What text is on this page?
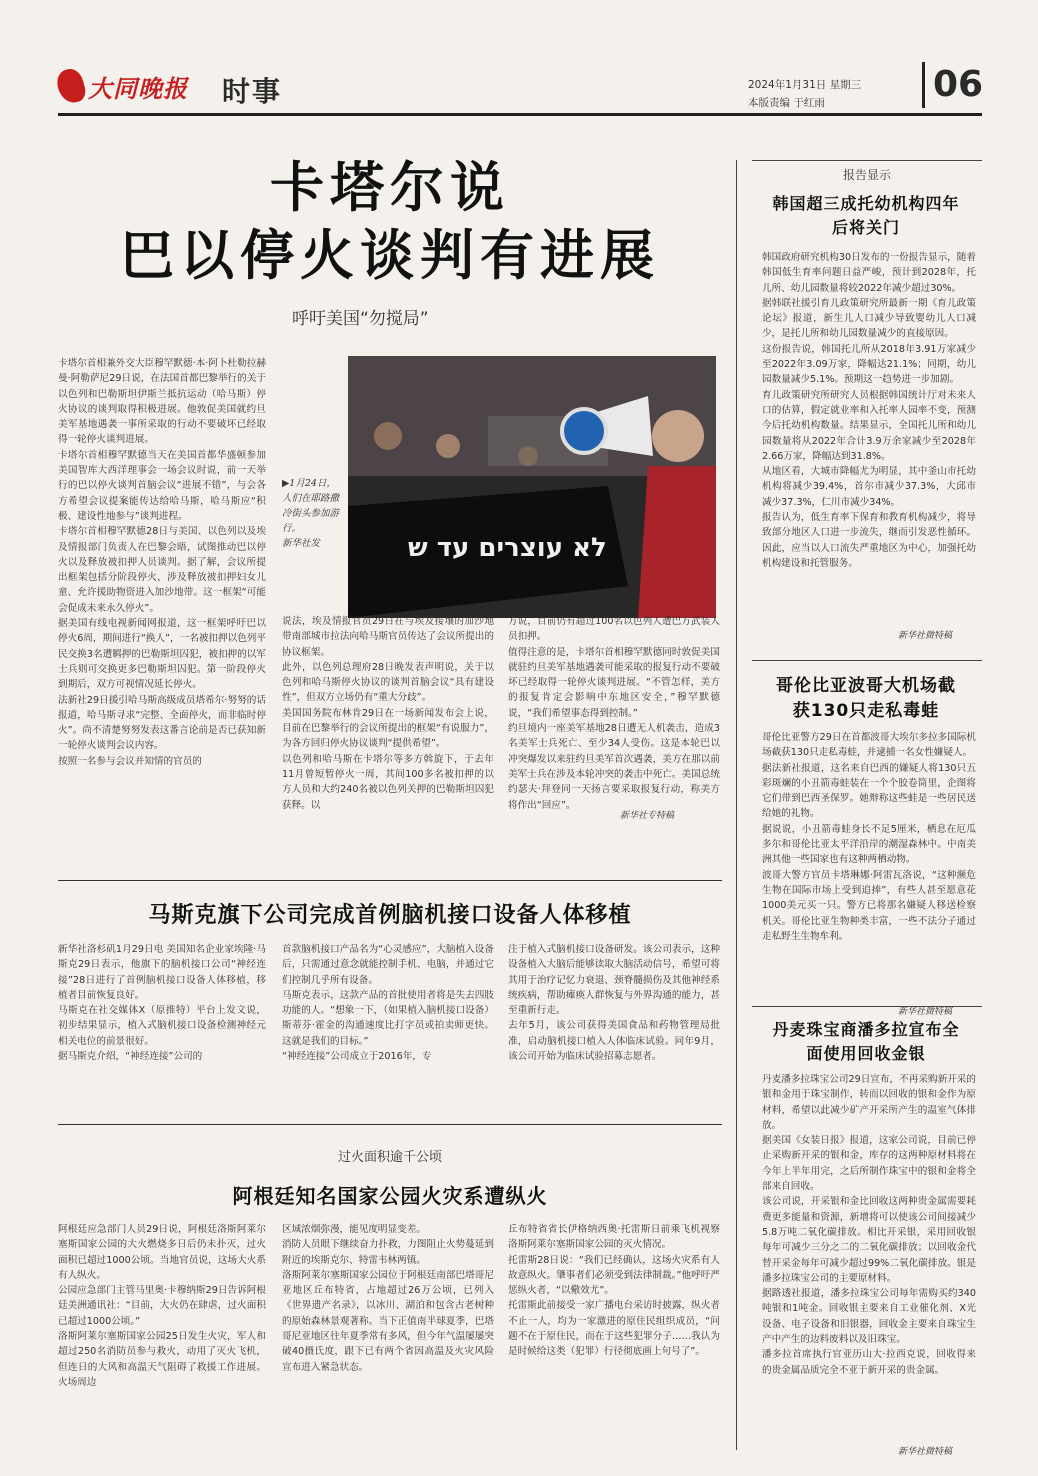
大同晚报 时事	2024年1月31日 星期三
本版责编 于红雨	06
卡塔尔说
巴以停火谈判有进展
呼吁美国“勿搅局”
卡塔尔首相兼外交大臣穆罕默德·本·阿卜杜勒拉赫曼·阿勒萨尼29日说，在法国首都巴黎举行的关于以色列和巴勒斯坦伊斯兰抵抗运动（哈马斯）停火协议的谈判取得积极进展。他敦促美国就约旦美军基地遇袭一事所采取的行动不要破坏已经取得一轮停火谈判进展。
卡塔尔首相穆罕默德当天在美国首都华盛顿参加美国智库大西洋理事会一场会议时说，前一天举行的巴以停火谈判首脑会议“进展不错”，与会各方希望会议提案能传达给哈马斯，哈马斯应“积极、建设性地参与”谈判进程。
卡塔尔首相穆罕默德28日与美国、以色列以及埃及情报部门负责人在巴黎会晤，试图推动巴以停火以及释放被扣押人员谈判。据了解，会议所提出框架包括分阶段停火，涉及释放被扣押妇女儿童、允许援助物资进入加沙地带。这一框架“可能会促成未来永久停火”。
据美国有线电视新闻网报道，这一框架呼吁巴以停火6周，期间进行“换人”，一名被扣押以色列平民交换3名遭羁押的巴勒斯坦囚犯，被扣押的以军士兵则可交换更多巴勒斯坦囚犯。第一阶段停火到期后，双方可视情况延长停火。
法新社29日援引哈马斯高级成员塔希尔·努努的话报道，哈马斯寻求“完整、全面停火，而非临时停火”。尚不清楚努努发表这番言论前是否已获知新一轮停火谈判会议内容。
按照一名参与会议并知情的官员的
▶1月24日，人们在耶路撒冷街头参加游行。
新华社发	לא עוצרים עד ש
说法，埃及情报官员29日在与埃及接壤的加沙地带南部城市拉法向哈马斯官员传达了会议所提出的协议框架。
此外，以色列总理府28日晚发表声明说，关于以色列和哈马斯停火协议的谈判首脑会议“具有建设性”，但双方立场仍有“重大分歧”。
美国国务院布林肯29日在一场新闻发布会上说，目前在巴黎举行的会议所提出的框架“有说服力”，为各方回归停火协议谈判“提供希望”。
以色列和哈马斯在卡塔尔等多方斡旋下，于去年11月曾短暂停火一周，其间100多名被扣押的以方人员和大约240名被以色列关押的巴勒斯坦囚犯获释。以
方说，目前仍有超过100名以色列人遭巴方武装人员扣押。
值得注意的是，卡塔尔首相穆罕默德同时敦促美国就驻约旦美军基地遇袭可能采取的报复行动不要破坏已经取得一轮停火谈判进展。“不管怎样，美方的报复肯定会影响中东地区安全，”穆罕默德说，“我们希望事态得到控制。”
约旦境内一座美军基地28日遭无人机袭击，造成3名美军士兵死亡、至少34人受伤。这是本轮巴以冲突爆发以来驻约旦美军首次遇袭，美方在那以前美军士兵在涉及本轮冲突的袭击中死亡。美国总统约瑟夫·拜登同一天扬言要采取报复行动，称美方将作出“回应”。
新华社专特稿
马斯克旗下公司完成首例脑机接口设备人体移植
新华社洛杉矶1月29日电 美国知名企业家埃隆·马斯克29日表示，他旗下的脑机接口公司“神经连接”28日进行了首例脑机接口设备人体移植，移植者目前恢复良好。
马斯克在社交媒体X（原推特）平台上发文说，初步结果显示，植入式脑机接口设备检测神经元相关电位的前景很好。
据马斯克介绍，“神经连接”公司的
首款脑机接口产品名为“心灵感应”，大脑植入设备后，只需通过意念就能控制手机、电脑，并通过它们控制几乎所有设备。
马斯克表示，这款产品的首批使用者将是失去四肢功能的人。“想象一下，（如果植入脑机接口设备）斯蒂芬·霍金的沟通速度比打字员或拍卖师更快。这就是我们的目标。”
“神经连接”公司成立于2016年，专
注于植入式脑机接口设备研发。该公司表示，这种设备植入大脑后能够读取大脑活动信号，希望可将其用于治疗记忆力衰退、颈脊髓损伤及其他神经系统疾病，帮助瘫痪人群恢复与外界沟通的能力，甚至重新行走。
去年5月，该公司获得美国食品和药物管理局批准，启动脑机接口植入人体临床试验。同年9月，该公司开始为临床试验招募志愿者。
过火面积逾千公顷
阿根廷知名国家公园火灾系遭纵火
阿根廷应急部门人员29日说，阿根廷洛斯阿莱尔塞斯国家公园的大火燃烧多日后仍未扑灭，过火面积已超过1000公顷。当地官员说，这场大火系有人纵火。
公园应急部门主管马里奥·卡穆纳斯29日告诉阿根廷美洲通讯社：“目前，大火仍在肆虐，过火面积已超过1000公顷。”
洛斯阿莱尔塞斯国家公园25日发生火灾，军人和超过250名消防员参与救火，动用了灭火飞机，但连日的大风和高温天气阻碍了救援工作进展。火场周边
区域浓烟弥漫，能见度明显变差。
消防人员眼下继续奋力扑救，力图阻止火势蔓延到附近的埃斯克尔、特雷韦林两镇。
洛斯阿莱尔塞斯国家公园位于阿根廷南部巴塔哥尼亚地区丘布特省，占地超过26万公顷，已列入《世界遗产名录》，以冰川、湖泊和包含古老树种的原始森林景观著称。当下正值南半球夏季，巴塔哥尼亚地区往年夏季常有多风，但今年气温屡屡突破40摄氏度，跟下已有两个省因高温及火灾风险宣布进入紧急状态。
丘布特省省长伊格纳西奥·托雷斯日前乘飞机视察洛斯阿莱尔塞斯国家公园的灭火情况。
托雷斯28日说：“我们已经确认，这场火灾系有人故意纵火。肇事者们必须受到法律制裁。”他呼吁严惩纵火者，“以儆效尤”。
托雷斯此前接受一家广播电台采访时披露，纵火者不止一人，均为一家激进的原住民组织成员，“问题不在于原住民，而在于这些犯罪分子……我认为是时候给这类（犯罪）行径彻底画上句号了”。
报告显示
韩国超三成托幼机构四年后将关门
韩国政府研究机构30日发布的一份报告显示，随着韩国低生育率问题日益严峻，预计到2028年，托儿所、幼儿园数量将较2022年减少超过30%。
据韩联社援引育儿政策研究所最新一期《育儿政策论坛》报道，新生儿人口减少导致婴幼儿人口减少，是托儿所和幼儿园数量减少的直接原因。
这份报告说，韩国托儿所从2018年3.91万家减少至2022年3.09万家，降幅达21.1%；同期，幼儿园数量减少5.1%。预期这一趋势进一步加剧。
育儿政策研究所研究人员根据韩国统计厅对未来人口的估算，假定就业率和入托率人园率不变，预测今后托幼机构数量。结果显示，全国托儿所和幼儿园数量将从2022年合计3.9万余家减少至2028年2.66万家，降幅达到31.8%。
从地区看，大城市降幅尤为明显，其中釜山市托幼机构将减少39.4%，首尔市减少37.3%，大邱市减少37.3%，仁川市减少34%。
报告认为，低生育率下保育和教育机构减少，将导致部分地区人口进一步流失，继而引发恶性循环。因此，应当以人口流失严重地区为中心，加强托幼机构建设和托管服务。
新华社微特稿
哥伦比亚波哥大机场截获130只走私毒蛙
哥伦比亚警方29日在首都波哥大埃尔多拉多国际机场截获130只走私毒蛙，并逮捕一名女性嫌疑人。
据法新社报道，这名来自巴西的嫌疑人将130只五彩斑斓的小丑箭毒蛙装在一个个胶卷筒里，企图将它们带到巴西圣保罗。她辩称这些蛙是一些居民送给她的礼物。
据说说，小丑箭毒蛙身长不足5厘米，栖息在厄瓜多尔和哥伦比亚太平洋沿岸的潮湿森林中。中南美洲其他一些国家也有这种两栖动物。
波哥大警方官员卡塔琳娜·阿雷瓦洛说，“这种濒危生物在国际市场上受到追捧”，有些人甚至愿意花1000美元买一只。警方已将那名嫌疑人移送检察机关。哥伦比亚生物种类丰富，一些不法分子通过走私野生生物牟利。
新华社微特稿
丹麦珠宝商潘多拉宣布全面使用回收金银
丹麦潘多拉珠宝公司29日宣布，不再采购新开采的银和金用于珠宝制作，转而以回收的银和金作为原材料，希望以此减少矿产开采所产生的温室气体排放。
据美国《女装日报》报道，这家公司说，目前已停止采购新开采的银和金，库存的这两种原材料将在今年上半年用完，之后所制作珠宝中的银和金将全部来自回收。
该公司说，开采银和金比回收这两种贵金属需要耗费更多能量和资源，新增将可以使该公司间接减少5.8万吨二氧化碳排放。相比开采银，采用回收银每年可减少三分之二的二氧化碳排放；以回收金代替开采金每年可减少超过99%二氧化碳排放。银是潘多拉珠宝公司的主要原材料。
据路透社报道，潘多拉珠宝公司每年需购买约340吨银和1吨金。回收银主要来自工业催化剂、X光设备、电子设备和旧银器，回收金主要来自珠宝生产中产生的边料废料以及旧珠宝。
潘多拉首席执行官亚历山大·拉西克说，回收得来的贵金属品质完全不亚于新开采的贵金属。
新华社微特稿
